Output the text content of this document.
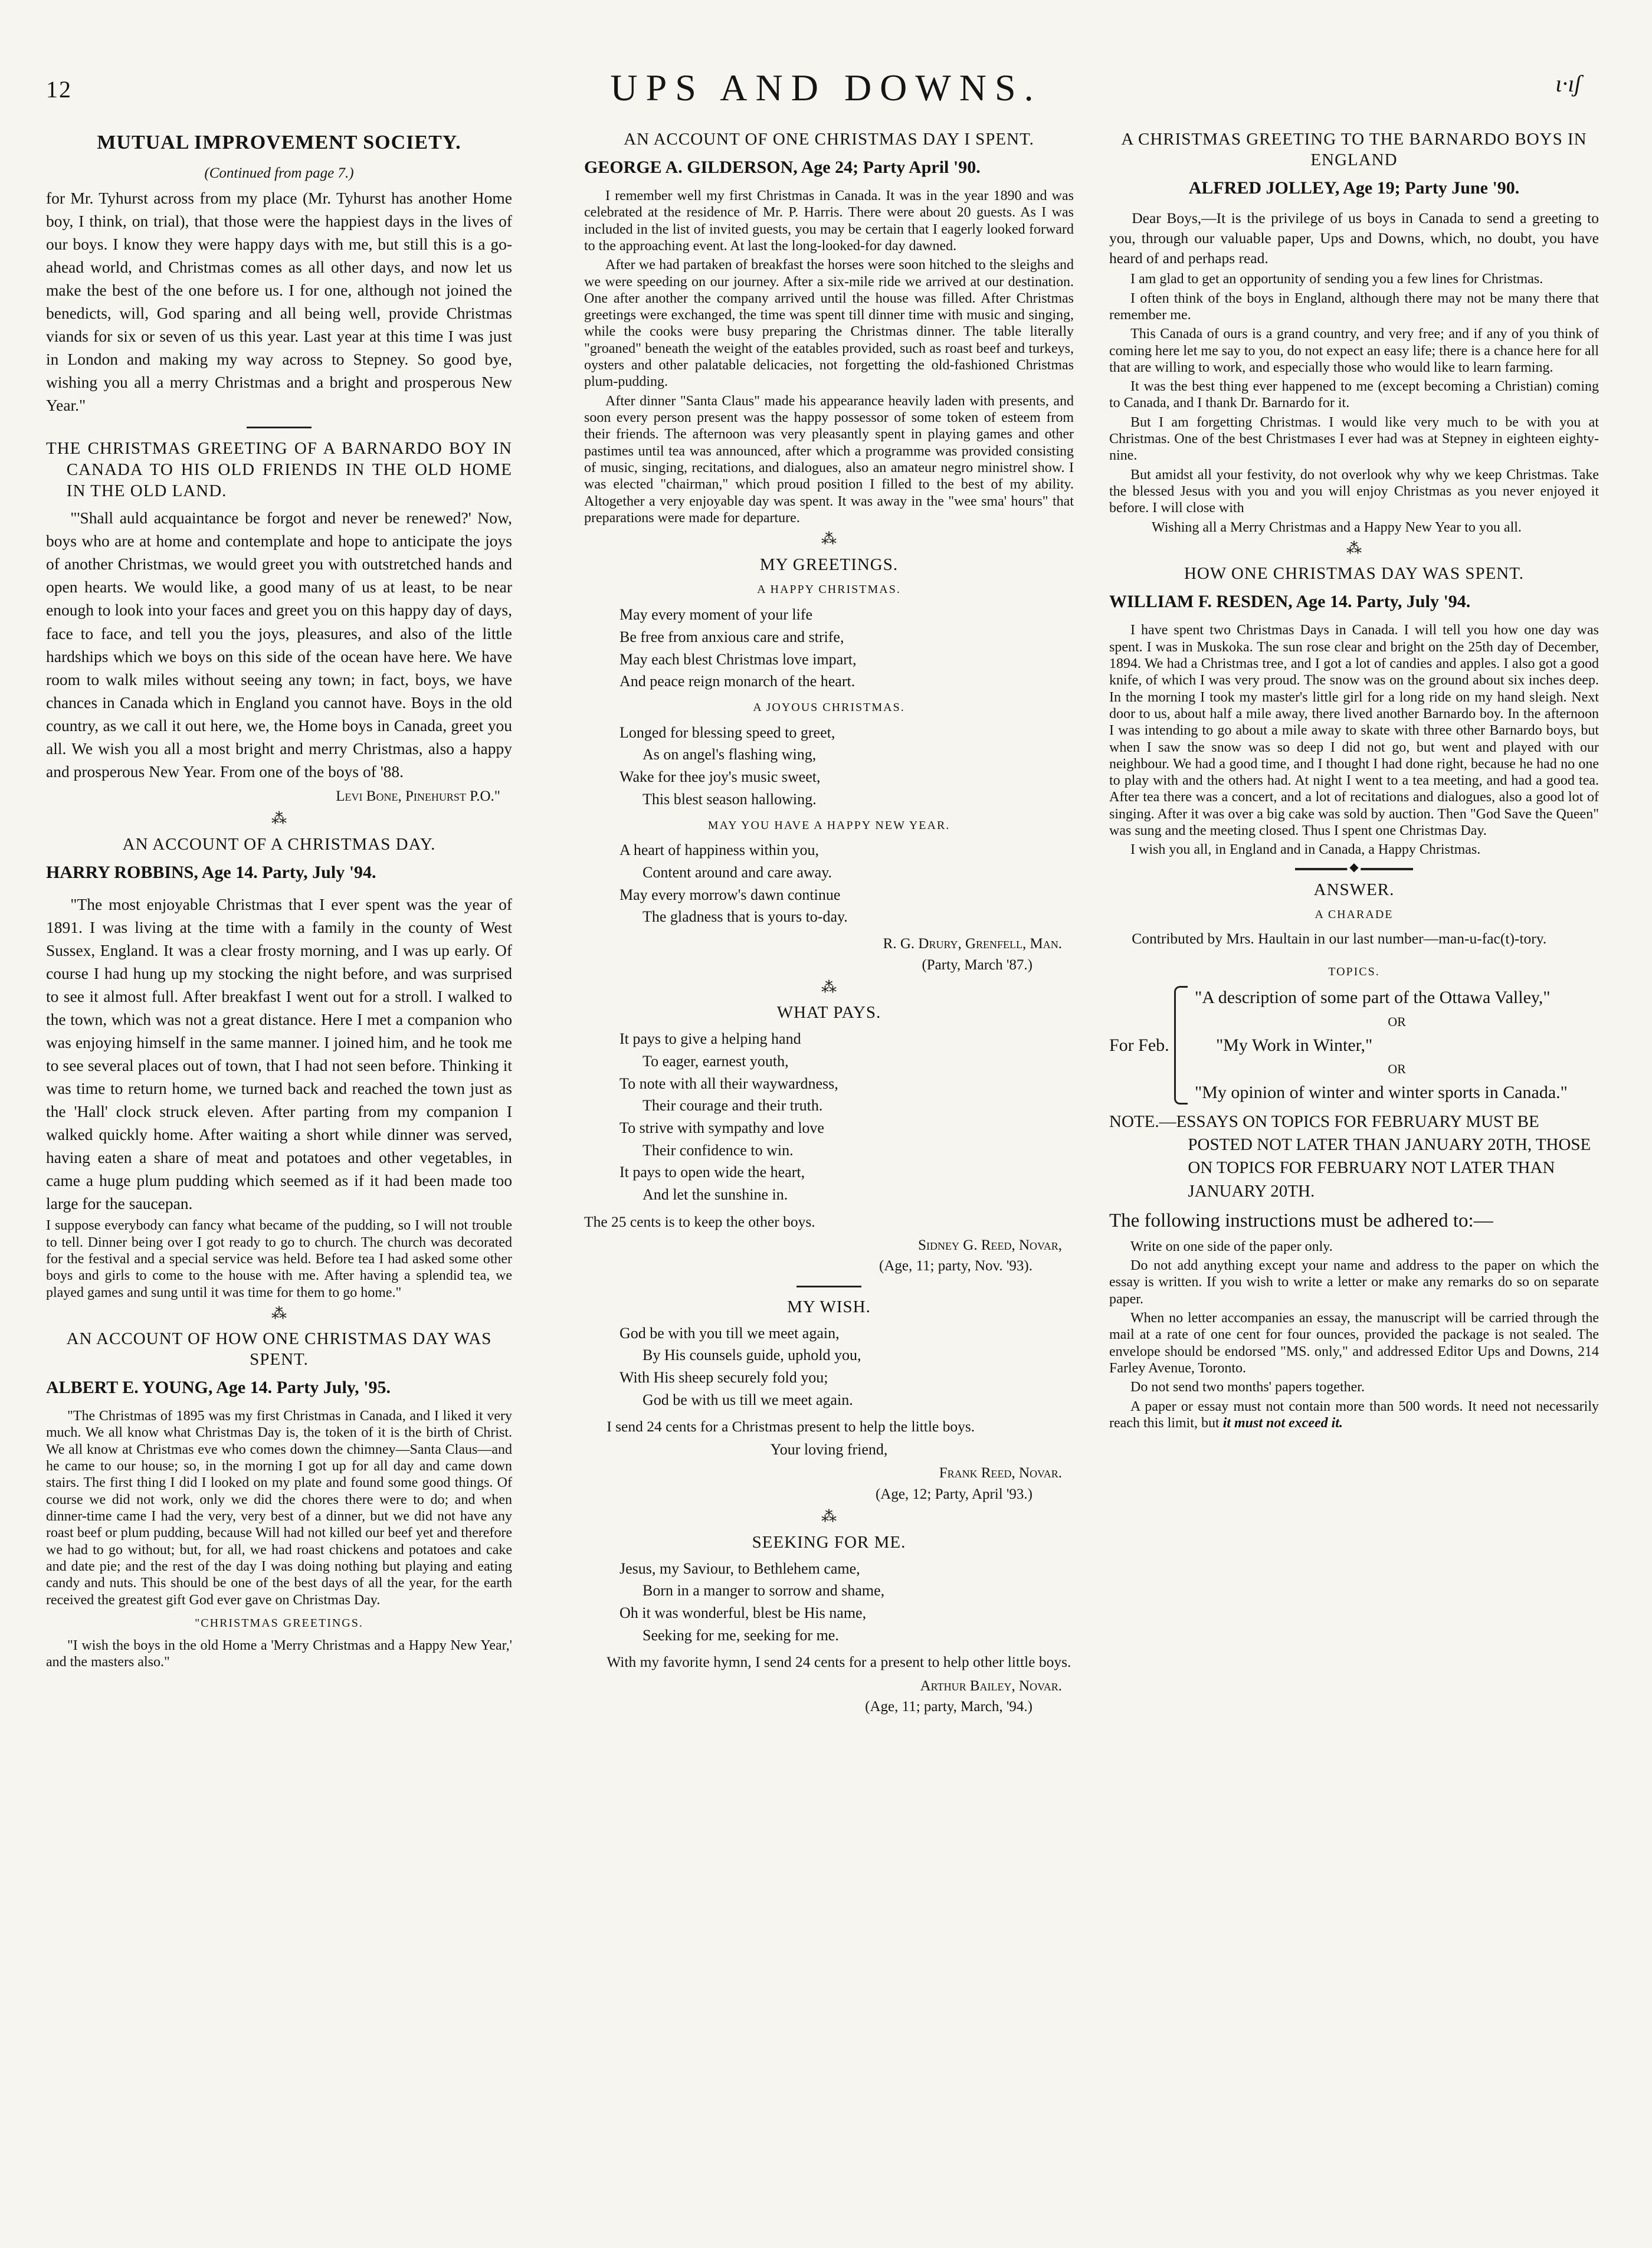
12	UPS AND DOWNS.	ɩ·ıʃ
MUTUAL IMPROVEMENT SOCIETY.
(Continued from page 7.)

for Mr. Tyhurst across from my place (Mr. Tyhurst has another Home boy, I think, on trial), that those were the happiest days in the lives of our boys. I know they were happy days with me, but still this is a go-ahead world, and Christmas comes as all other days, and now let us make the best of the one before us. I for one, although not joined the benedicts, will, God sparing and all being well, provide Christmas viands for six or seven of us this year. Last year at this time I was just in London and making my way across to Stepney. So good bye, wishing you all a merry Christmas and a bright and prosperous New Year."

THE CHRISTMAS GREETING OF A BARNARDO BOY IN CANADA TO HIS OLD FRIENDS IN THE OLD HOME IN THE OLD LAND.

"'Shall auld acquaintance be forgot and never be renewed?' Now, boys who are at home and contemplate and hope to anticipate the joys of another Christmas, we would greet you with outstretched hands and open hearts. We would like, a good many of us at least, to be near enough to look into your faces and greet you on this happy day of days, face to face, and tell you the joys, pleasures, and also of the little hardships which we boys on this side of the ocean have here. We have room to walk miles without seeing any town; in fact, boys, we have chances in Canada which in England you cannot have. Boys in the old country, as we call it out here, we, the Home boys in Canada, greet you all. We wish you all a most bright and merry Christmas, also a happy and prosperous New Year. From one of the boys of '88.

Levi Bone, Pinehurst P.O."
⁂
AN ACCOUNT OF A CHRISTMAS DAY.
HARRY ROBBINS, Age 14. Party, July '94.

"The most enjoyable Christmas that I ever spent was the year of 1891. I was living at the time with a family in the county of West Sussex, England. It was a clear frosty morning, and I was up early. Of course I had hung up my stocking the night before, and was surprised to see it almost full. After breakfast I went out for a stroll. I walked to the town, which was not a great distance. Here I met a companion who was enjoying himself in the same manner. I joined him, and he took me to see several places out of town, that I had not seen before. Thinking it was time to return home, we turned back and reached the town just as the 'Hall' clock struck eleven. After parting from my companion I walked quickly home. After waiting a short while dinner was served, having eaten a share of meat and potatoes and other vegetables, in came a huge plum pudding which seemed as if it had been made too large for the saucepan.

I suppose everybody can fancy what became of the pudding, so I will not trouble to tell. Dinner being over I got ready to go to church. The church was decorated for the festival and a special service was held. Before tea I had asked some other boys and girls to come to the house with me. After having a splendid tea, we played games and sung until it was time for them to go home."

⁂
AN ACCOUNT OF HOW ONE CHRISTMAS DAY WAS SPENT.
ALBERT E. YOUNG, Age 14. Party July, '95.

"The Christmas of 1895 was my first Christmas in Canada, and I liked it very much. We all know what Christmas Day is, the token of it is the birth of Christ. We all know at Christmas eve who comes down the chimney—Santa Claus—and he came to our house; so, in the morning I got up for all day and came down stairs. The first thing I did I looked on my plate and found some good things. Of course we did not work, only we did the chores there were to do; and when dinner-time came I had the very, very best of a dinner, but we did not have any roast beef or plum pudding, because Will had not killed our beef yet and therefore we had to go without; but, for all, we had roast chickens and potatoes and cake and date pie; and the rest of the day I was doing nothing but playing and eating candy and nuts. This should be one of the best days of all the year, for the earth received the greatest gift God ever gave on Christmas Day.

"CHRISTMAS GREETINGS.

"I wish the boys in the old Home a 'Merry Christmas and a Happy New Year,' and the masters also."

AN ACCOUNT OF ONE CHRISTMAS DAY I SPENT.
GEORGE A. GILDERSON, Age 24; Party April '90.

I remember well my first Christmas in Canada. It was in the year 1890 and was celebrated at the residence of Mr. P. Harris. There were about 20 guests. As I was included in the list of invited guests, you may be certain that I eagerly looked forward to the approaching event. At last the long-looked-for day dawned.

After we had partaken of breakfast the horses were soon hitched to the sleighs and we were speeding on our journey. After a six-mile ride we arrived at our destination. One after another the company arrived until the house was filled. After Christmas greetings were exchanged, the time was spent till dinner time with music and singing, while the cooks were busy preparing the Christmas dinner. The table literally "groaned" beneath the weight of the eatables provided, such as roast beef and turkeys, oysters and other palatable delicacies, not forgetting the old-fashioned Christmas plum-pudding.

After dinner "Santa Claus" made his appearance heavily laden with presents, and soon every person present was the happy possessor of some token of esteem from their friends. The afternoon was very pleasantly spent in playing games and other pastimes until tea was announced, after which a programme was provided consisting of music, singing, recitations, and dialogues, also an amateur negro ministrel show. I was elected "chairman," which proud position I filled to the best of my ability. Altogether a very enjoyable day was spent. It was away in the "wee sma' hours" that preparations were made for departure.

⁂
MY GREETINGS.
A HAPPY CHRISTMAS.
May every moment of your life
Be free from anxious care and strife,
May each blest Christmas love impart,
And peace reign monarch of the heart.
A JOYOUS CHRISTMAS.
Longed for blessing speed to greet,
As on angel's flashing wing,
Wake for thee joy's music sweet,
This blest season hallowing.
MAY YOU HAVE A HAPPY NEW YEAR.
A heart of happiness within you,
Content around and care away.
May every morrow's dawn continue
The gladness that is yours to-day.
R. G. Drury, Grenfell, Man.
(Party, March '87.)
⁂
WHAT PAYS.
It pays to give a helping hand
To eager, earnest youth,
To note with all their waywardness,
Their courage and their truth.
To strive with sympathy and love
Their confidence to win.
It pays to open wide the heart,
And let the sunshine in.

The 25 cents is to keep the other boys.

Sidney G. Reed, Novar,
(Age, 11; party, Nov. '93).
MY WISH.
God be with you till we meet again,
By His counsels guide, uphold you,
With His sheep securely fold you;
God be with us till we meet again.

I send 24 cents for a Christmas present to help the little boys.

Your loving friend,
Frank Reed, Novar.
(Age, 12; Party, April '93.)
⁂
SEEKING FOR ME.
Jesus, my Saviour, to Bethlehem came,
Born in a manger to sorrow and shame,
Oh it was wonderful, blest be His name,
Seeking for me, seeking for me.

With my favorite hymn, I send 24 cents for a present to help other little boys.

Arthur Bailey, Novar.
(Age, 11; party, March, '94.)
A CHRISTMAS GREETING TO THE BARNARDO BOYS IN ENGLAND
ALFRED JOLLEY, Age 19; Party June '90.

Dear Boys,—It is the privilege of us boys in Canada to send a greeting to you, through our valuable paper, Ups and Downs, which, no doubt, you have heard of and perhaps read.

I am glad to get an opportunity of sending you a few lines for Christmas.

I often think of the boys in England, although there may not be many there that remember me.

This Canada of ours is a grand country, and very free; and if any of you think of coming here let me say to you, do not expect an easy life; there is a chance here for all that are willing to work, and especially those who would like to learn farming.

It was the best thing ever happened to me (except becoming a Christian) coming to Canada, and I thank Dr. Barnardo for it.

But I am forgetting Christmas. I would like very much to be with you at Christmas. One of the best Christmases I ever had was at Stepney in eighteen eighty-nine.

But amidst all your festivity, do not overlook why why we keep Christmas. Take the blessed Jesus with you and you will enjoy Christmas as you never enjoyed it before. I will close with

Wishing all a Merry Christmas and a Happy New Year to you all.

⁂
HOW ONE CHRISTMAS DAY WAS SPENT.
WILLIAM F. RESDEN, Age 14. Party, July '94.

I have spent two Christmas Days in Canada. I will tell you how one day was spent. I was in Muskoka. The sun rose clear and bright on the 25th day of December, 1894. We had a Christmas tree, and I got a lot of candies and apples. I also got a good knife, of which I was very proud. The snow was on the ground about six inches deep. In the morning I took my master's little girl for a long ride on my hand sleigh. Next door to us, about half a mile away, there lived another Barnardo boy. In the afternoon I was intending to go about a mile away to skate with three other Barnardo boys, but when I saw the snow was so deep I did not go, but went and played with our neighbour. We had a good time, and I thought I had done right, because he had no one to play with and the others had. At night I went to a tea meeting, and had a good tea. After tea there was a concert, and a lot of recitations and dialogues, also a good lot of singing. After it was over a big cake was sold by auction. Then "God Save the Queen" was sung and the meeting closed. Thus I spent one Christmas Day.

I wish you all, in England and in Canada, a Happy Christmas.

◆
ANSWER.
A CHARADE

Contributed by Mrs. Haultain in our last number—man-u-fac(t)-tory.

TOPICS.
For Feb.
"A description of some part of the Ottawa Valley,"
OR
"My Work in Winter,"
OR
"My opinion of winter and winter sports in Canada."
NOTE.—ESSAYS ON TOPICS FOR FEBRUARY MUST BE POSTED NOT LATER THAN JANUARY 20TH, THOSE ON TOPICS FOR FEBRUARY NOT LATER THAN JANUARY 20TH.
The following instructions must be adhered to:—

Write on one side of the paper only.

Do not add anything except your name and address to the paper on which the essay is written. If you wish to write a letter or make any remarks do so on separate paper.

When no letter accompanies an essay, the manuscript will be carried through the mail at a rate of one cent for four ounces, provided the package is not sealed. The envelope should be endorsed "MS. only," and addressed Editor Ups and Downs, 214 Farley Avenue, Toronto.

Do not send two months' papers together.

A paper or essay must not contain more than 500 words. It need not necessarily reach this limit, but it must not exceed it.
